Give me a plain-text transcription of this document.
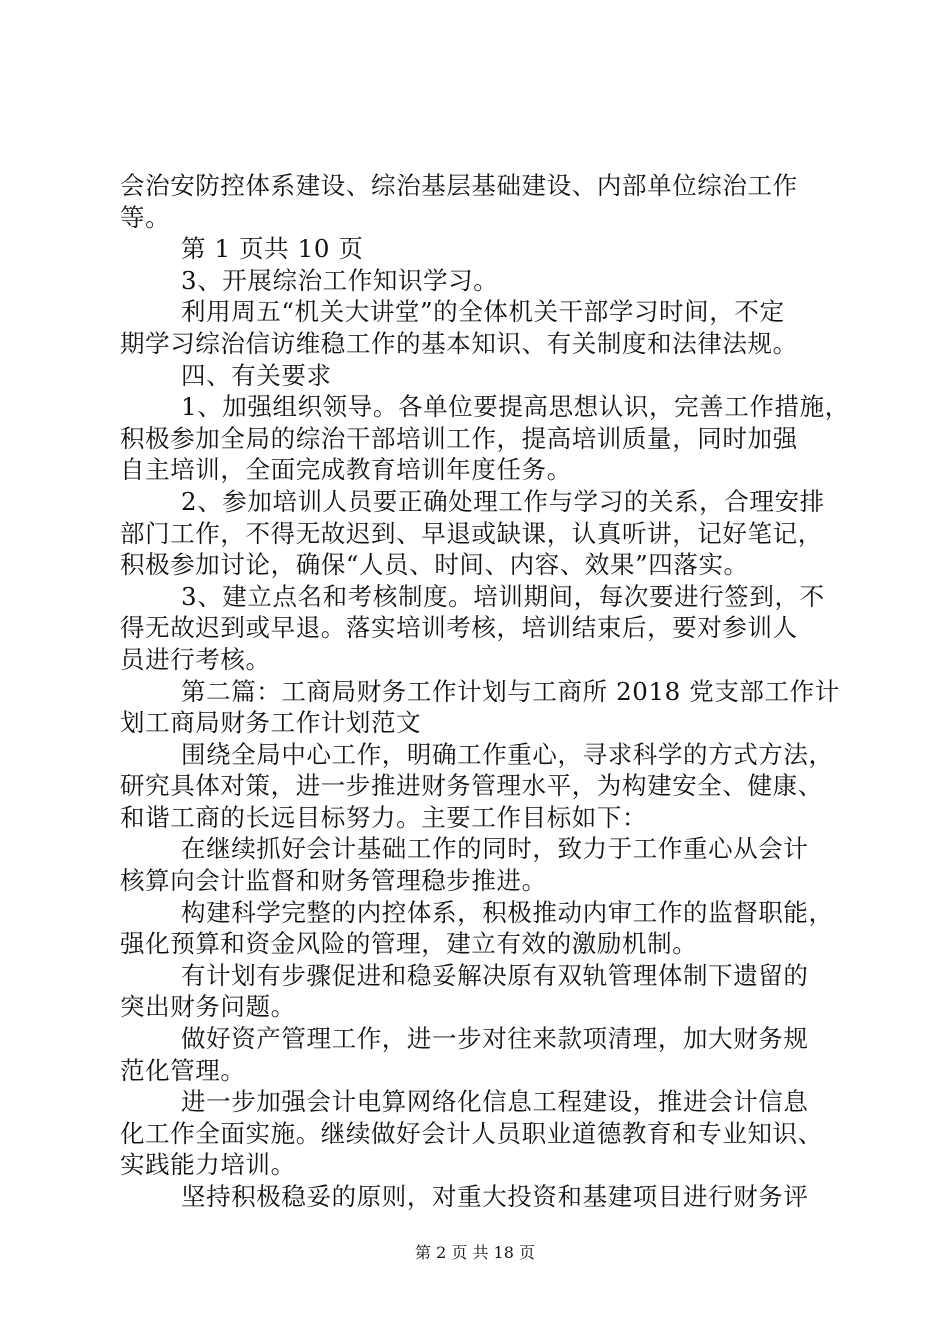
会治安防控体系建设、综治基层基础建设、内部单位综治工作
等。
第 1 页共 10 页
3、开展综治工作知识学习。
利用周五“机关大讲堂”的全体机关干部学习时间，不定
期学习综治信访维稳工作的基本知识、有关制度和法律法规。
四、有关要求
1、加强组织领导。各单位要提高思想认识，完善工作措施，
积极参加全局的综治干部培训工作，提高培训质量，同时加强
自主培训，全面完成教育培训年度任务。
2、参加培训人员要正确处理工作与学习的关系，合理安排
部门工作，不得无故迟到、早退或缺课，认真听讲，记好笔记，
积极参加讨论，确保“人员、时间、内容、效果”四落实。
3、建立点名和考核制度。培训期间，每次要进行签到，不
得无故迟到或早退。落实培训考核，培训结束后，要对参训人
员进行考核。
第二篇：工商局财务工作计划与工商所 2018 党支部工作计
划工商局财务工作计划范文
围绕全局中心工作，明确工作重心，寻求科学的方式方法，
研究具体对策，进一步推进财务管理水平，为构建安全、健康、
和谐工商的长远目标努力。主要工作目标如下：
在继续抓好会计基础工作的同时，致力于工作重心从会计
核算向会计监督和财务管理稳步推进。
构建科学完整的内控体系，积极推动内审工作的监督职能，
强化预算和资金风险的管理，建立有效的激励机制。
有计划有步骤促进和稳妥解决原有双轨管理体制下遗留的
突出财务问题。
做好资产管理工作，进一步对往来款项清理，加大财务规
范化管理。
进一步加强会计电算网络化信息工程建设，推进会计信息
化工作全面实施。继续做好会计人员职业道德教育和专业知识、
实践能力培训。
坚持积极稳妥的原则，对重大投资和基建项目进行财务评
第 2 页 共 18 页
